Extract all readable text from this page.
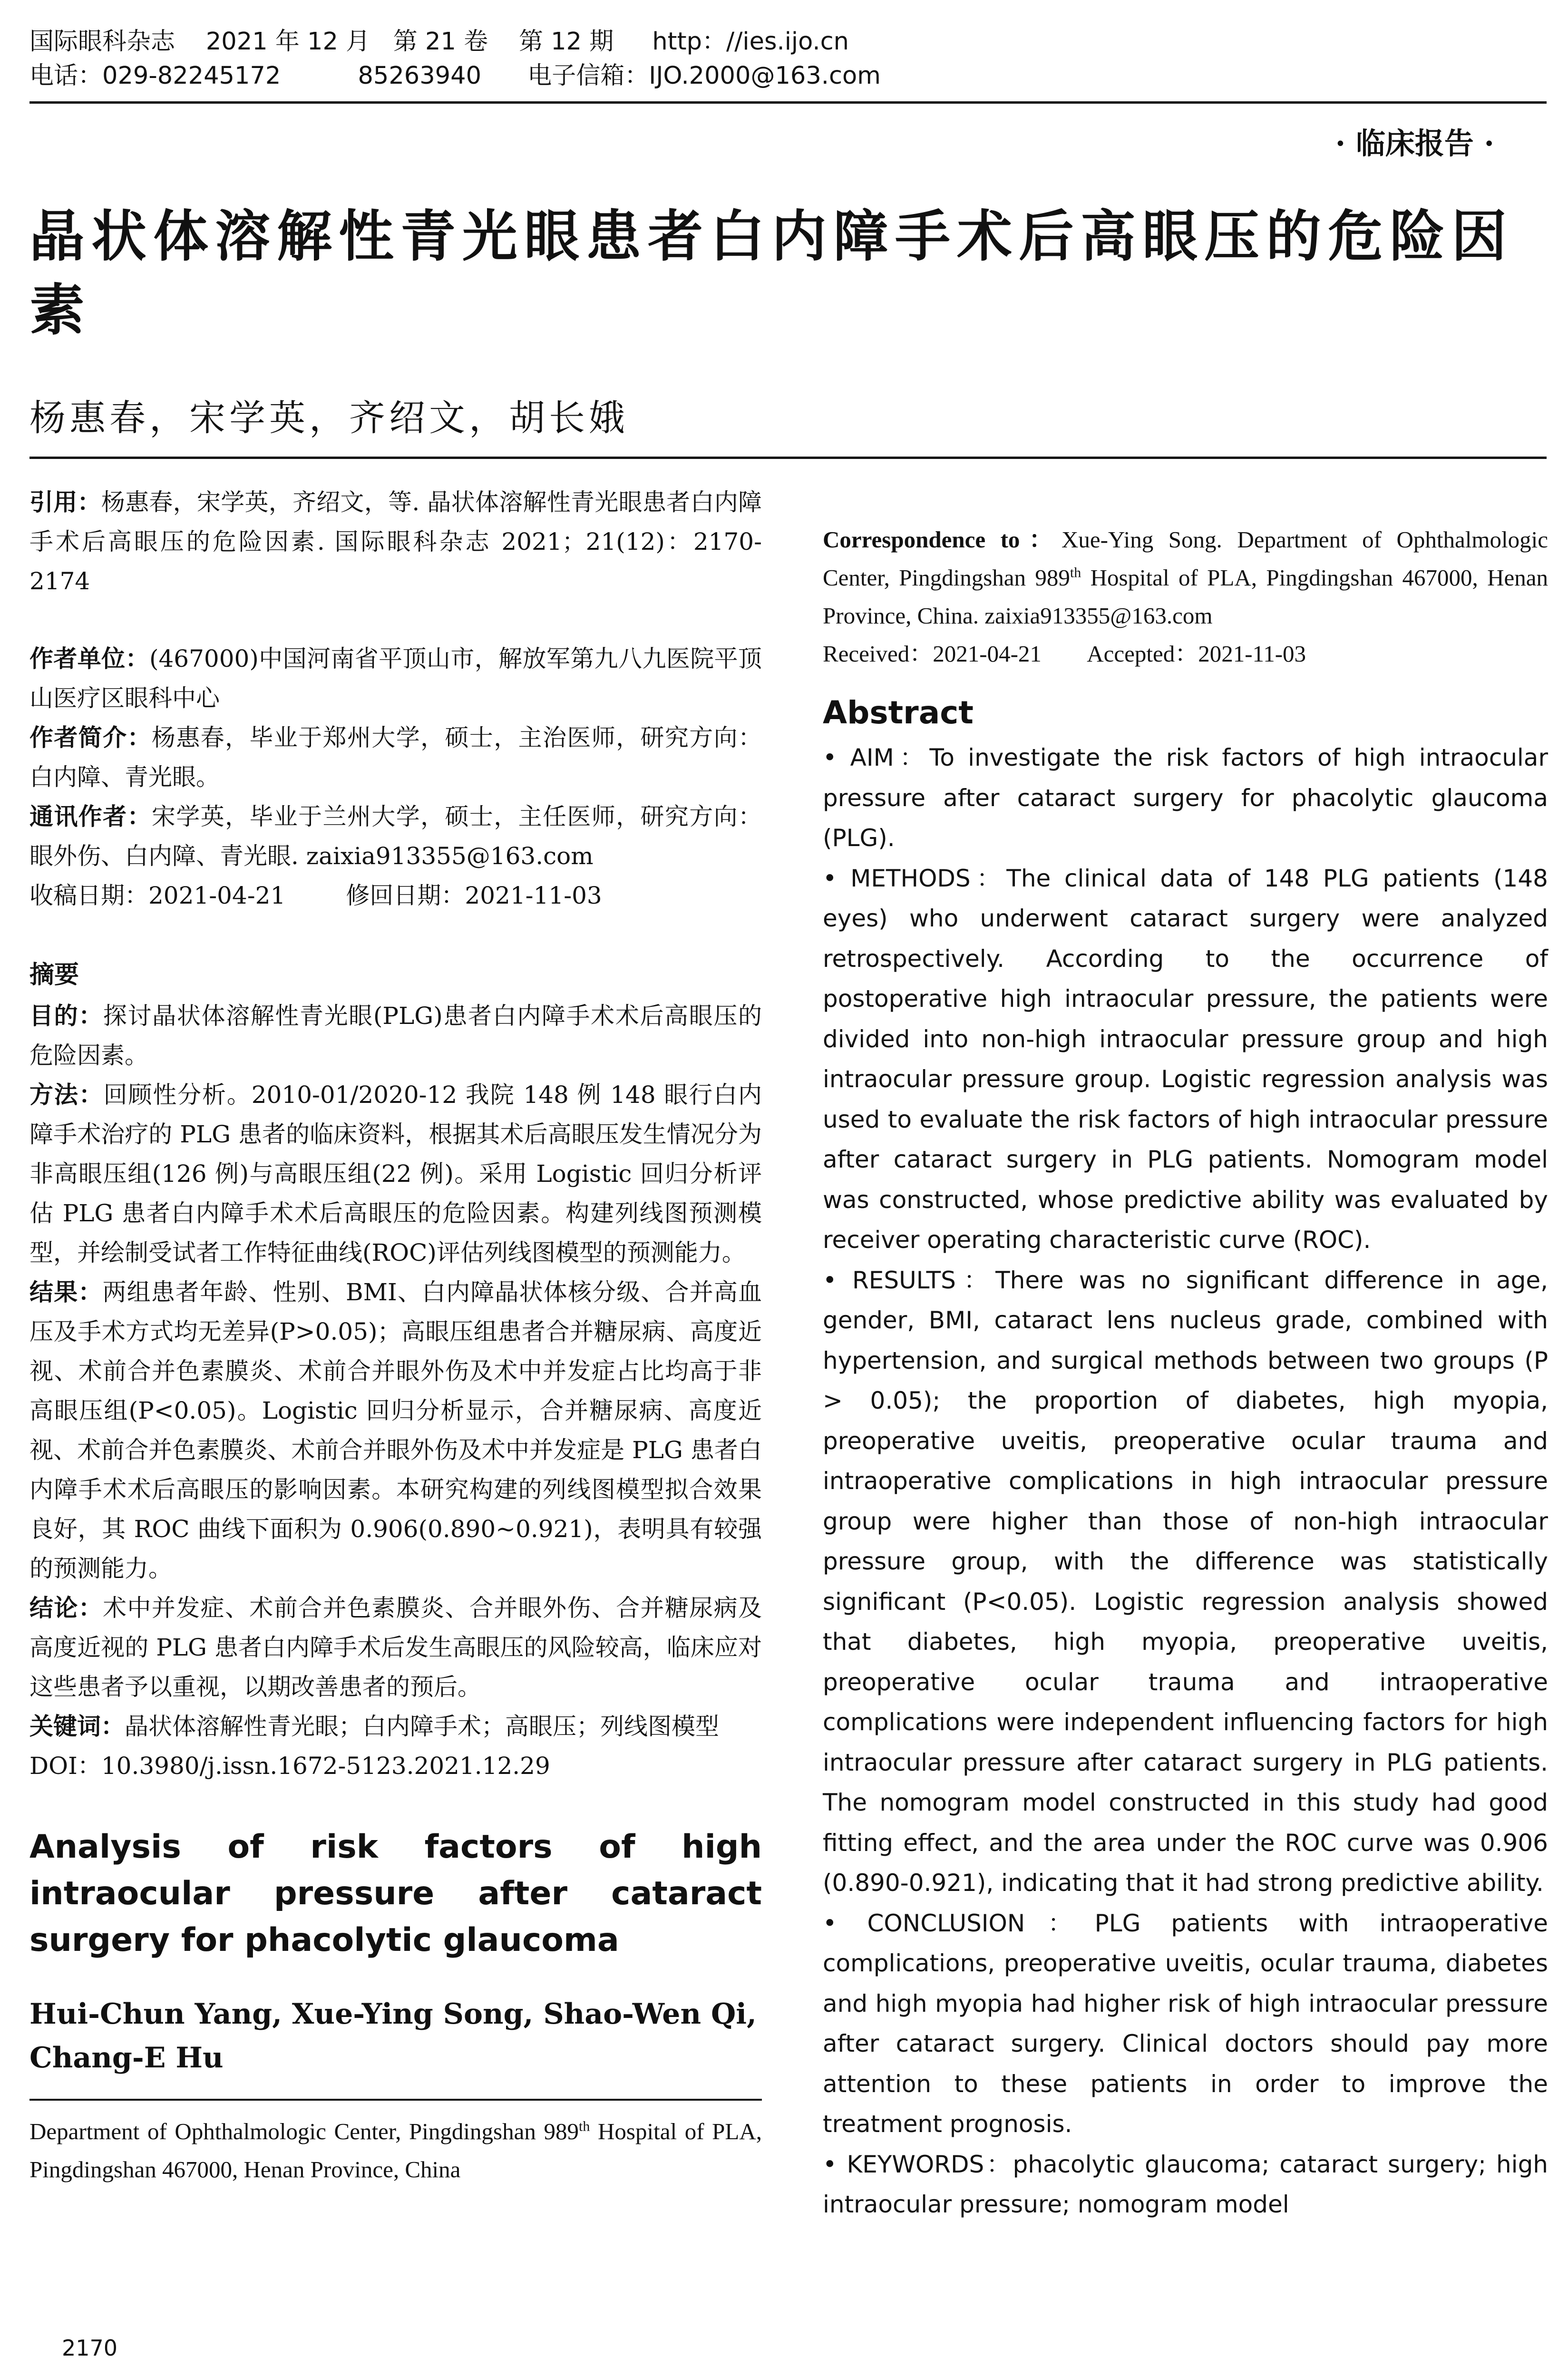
国际眼科杂志    2021 年 12 月   第 21 卷    第 12 期     http：//ies.ijo.cn
电话：029-82245172          85263940      电子信箱：IJO.2000@163.com
· 临床报告 ·
晶状体溶解性青光眼患者白内障手术后高眼压的危险因素
杨惠春，宋学英，齐绍文，胡长娥

引用：杨惠春，宋学英，齐绍文，等. 晶状体溶解性青光眼患者白内障手术后高眼压的危险因素. 国际眼科杂志 2021；21(12)：2170-2174

作者单位：(467000)中国河南省平顶山市，解放军第九八九医院平顶山医疗区眼科中心

作者简介：杨惠春，毕业于郑州大学，硕士，主治医师，研究方向：白内障、青光眼。

通讯作者：宋学英，毕业于兰州大学，硕士，主任医师，研究方向：眼外伤、白内障、青光眼. zaixia913355@163.com

收稿日期：2021-04-21        修回日期：2021-11-03

摘要

目的：探讨晶状体溶解性青光眼(PLG)患者白内障手术术后高眼压的危险因素。

方法：回顾性分析。2010-01/2020-12 我院 148 例 148 眼行白内障手术治疗的 PLG 患者的临床资料，根据其术后高眼压发生情况分为非高眼压组(126 例)与高眼压组(22 例)。采用 Logistic 回归分析评估 PLG 患者白内障手术术后高眼压的危险因素。构建列线图预测模型，并绘制受试者工作特征曲线(ROC)评估列线图模型的预测能力。

结果：两组患者年龄、性别、BMI、白内障晶状体核分级、合并高血压及手术方式均无差异(P>0.05)；高眼压组患者合并糖尿病、高度近视、术前合并色素膜炎、术前合并眼外伤及术中并发症占比均高于非高眼压组(P<0.05)。Logistic 回归分析显示，合并糖尿病、高度近视、术前合并色素膜炎、术前合并眼外伤及术中并发症是 PLG 患者白内障手术术后高眼压的影响因素。本研究构建的列线图模型拟合效果良好，其 ROC 曲线下面积为 0.906(0.890~0.921)，表明具有较强的预测能力。

结论：术中并发症、术前合并色素膜炎、合并眼外伤、合并糖尿病及高度近视的 PLG 患者白内障手术后发生高眼压的风险较高，临床应对这些患者予以重视，以期改善患者的预后。

关键词：晶状体溶解性青光眼；白内障手术；高眼压；列线图模型

DOI：10.3980/j.issn.1672-5123.2021.12.29

Analysis of risk factors of high intraocular pressure after cataract surgery for phacolytic glaucoma

Hui-Chun Yang, Xue-Ying Song, Shao-Wen Qi, Chang-E Hu

Department of Ophthalmologic Center, Pingdingshan 989th Hospital of PLA, Pingdingshan 467000, Henan Province, China

Correspondence to：Xue-Ying Song. Department of Ophthalmologic Center, Pingdingshan 989th Hospital of PLA, Pingdingshan 467000, Henan Province, China. zaixia913355@163.com

Received：2021-04-21        Accepted：2021-11-03

Abstract

• AIM：To investigate the risk factors of high intraocular pressure after cataract surgery for phacolytic glaucoma (PLG).

• METHODS：The clinical data of 148 PLG patients (148 eyes) who underwent cataract surgery were analyzed retrospectively. According to the occurrence of postoperative high intraocular pressure, the patients were divided into non-high intraocular pressure group and high intraocular pressure group. Logistic regression analysis was used to evaluate the risk factors of high intraocular pressure after cataract surgery in PLG patients. Nomogram model was constructed, whose predictive ability was evaluated by receiver operating characteristic curve (ROC).

• RESULTS：There was no significant difference in age, gender, BMI, cataract lens nucleus grade, combined with hypertension, and surgical methods between two groups (P > 0.05); the proportion of diabetes, high myopia, preoperative uveitis, preoperative ocular trauma and intraoperative complications in high intraocular pressure group were higher than those of non-high intraocular pressure group, with the difference was statistically significant (P<0.05). Logistic regression analysis showed that diabetes, high myopia, preoperative uveitis, preoperative ocular trauma and intraoperative complications were independent influencing factors for high intraocular pressure after cataract surgery in PLG patients. The nomogram model constructed in this study had good fitting effect, and the area under the ROC curve was 0.906 (0.890-0.921), indicating that it had strong predictive ability.

• CONCLUSION：PLG patients with intraoperative complications, preoperative uveitis, ocular trauma, diabetes and high myopia had higher risk of high intraocular pressure after cataract surgery. Clinical doctors should pay more attention to these patients in order to improve the treatment prognosis.

• KEYWORDS：phacolytic glaucoma; cataract surgery; high intraocular pressure; nomogram model

2170
